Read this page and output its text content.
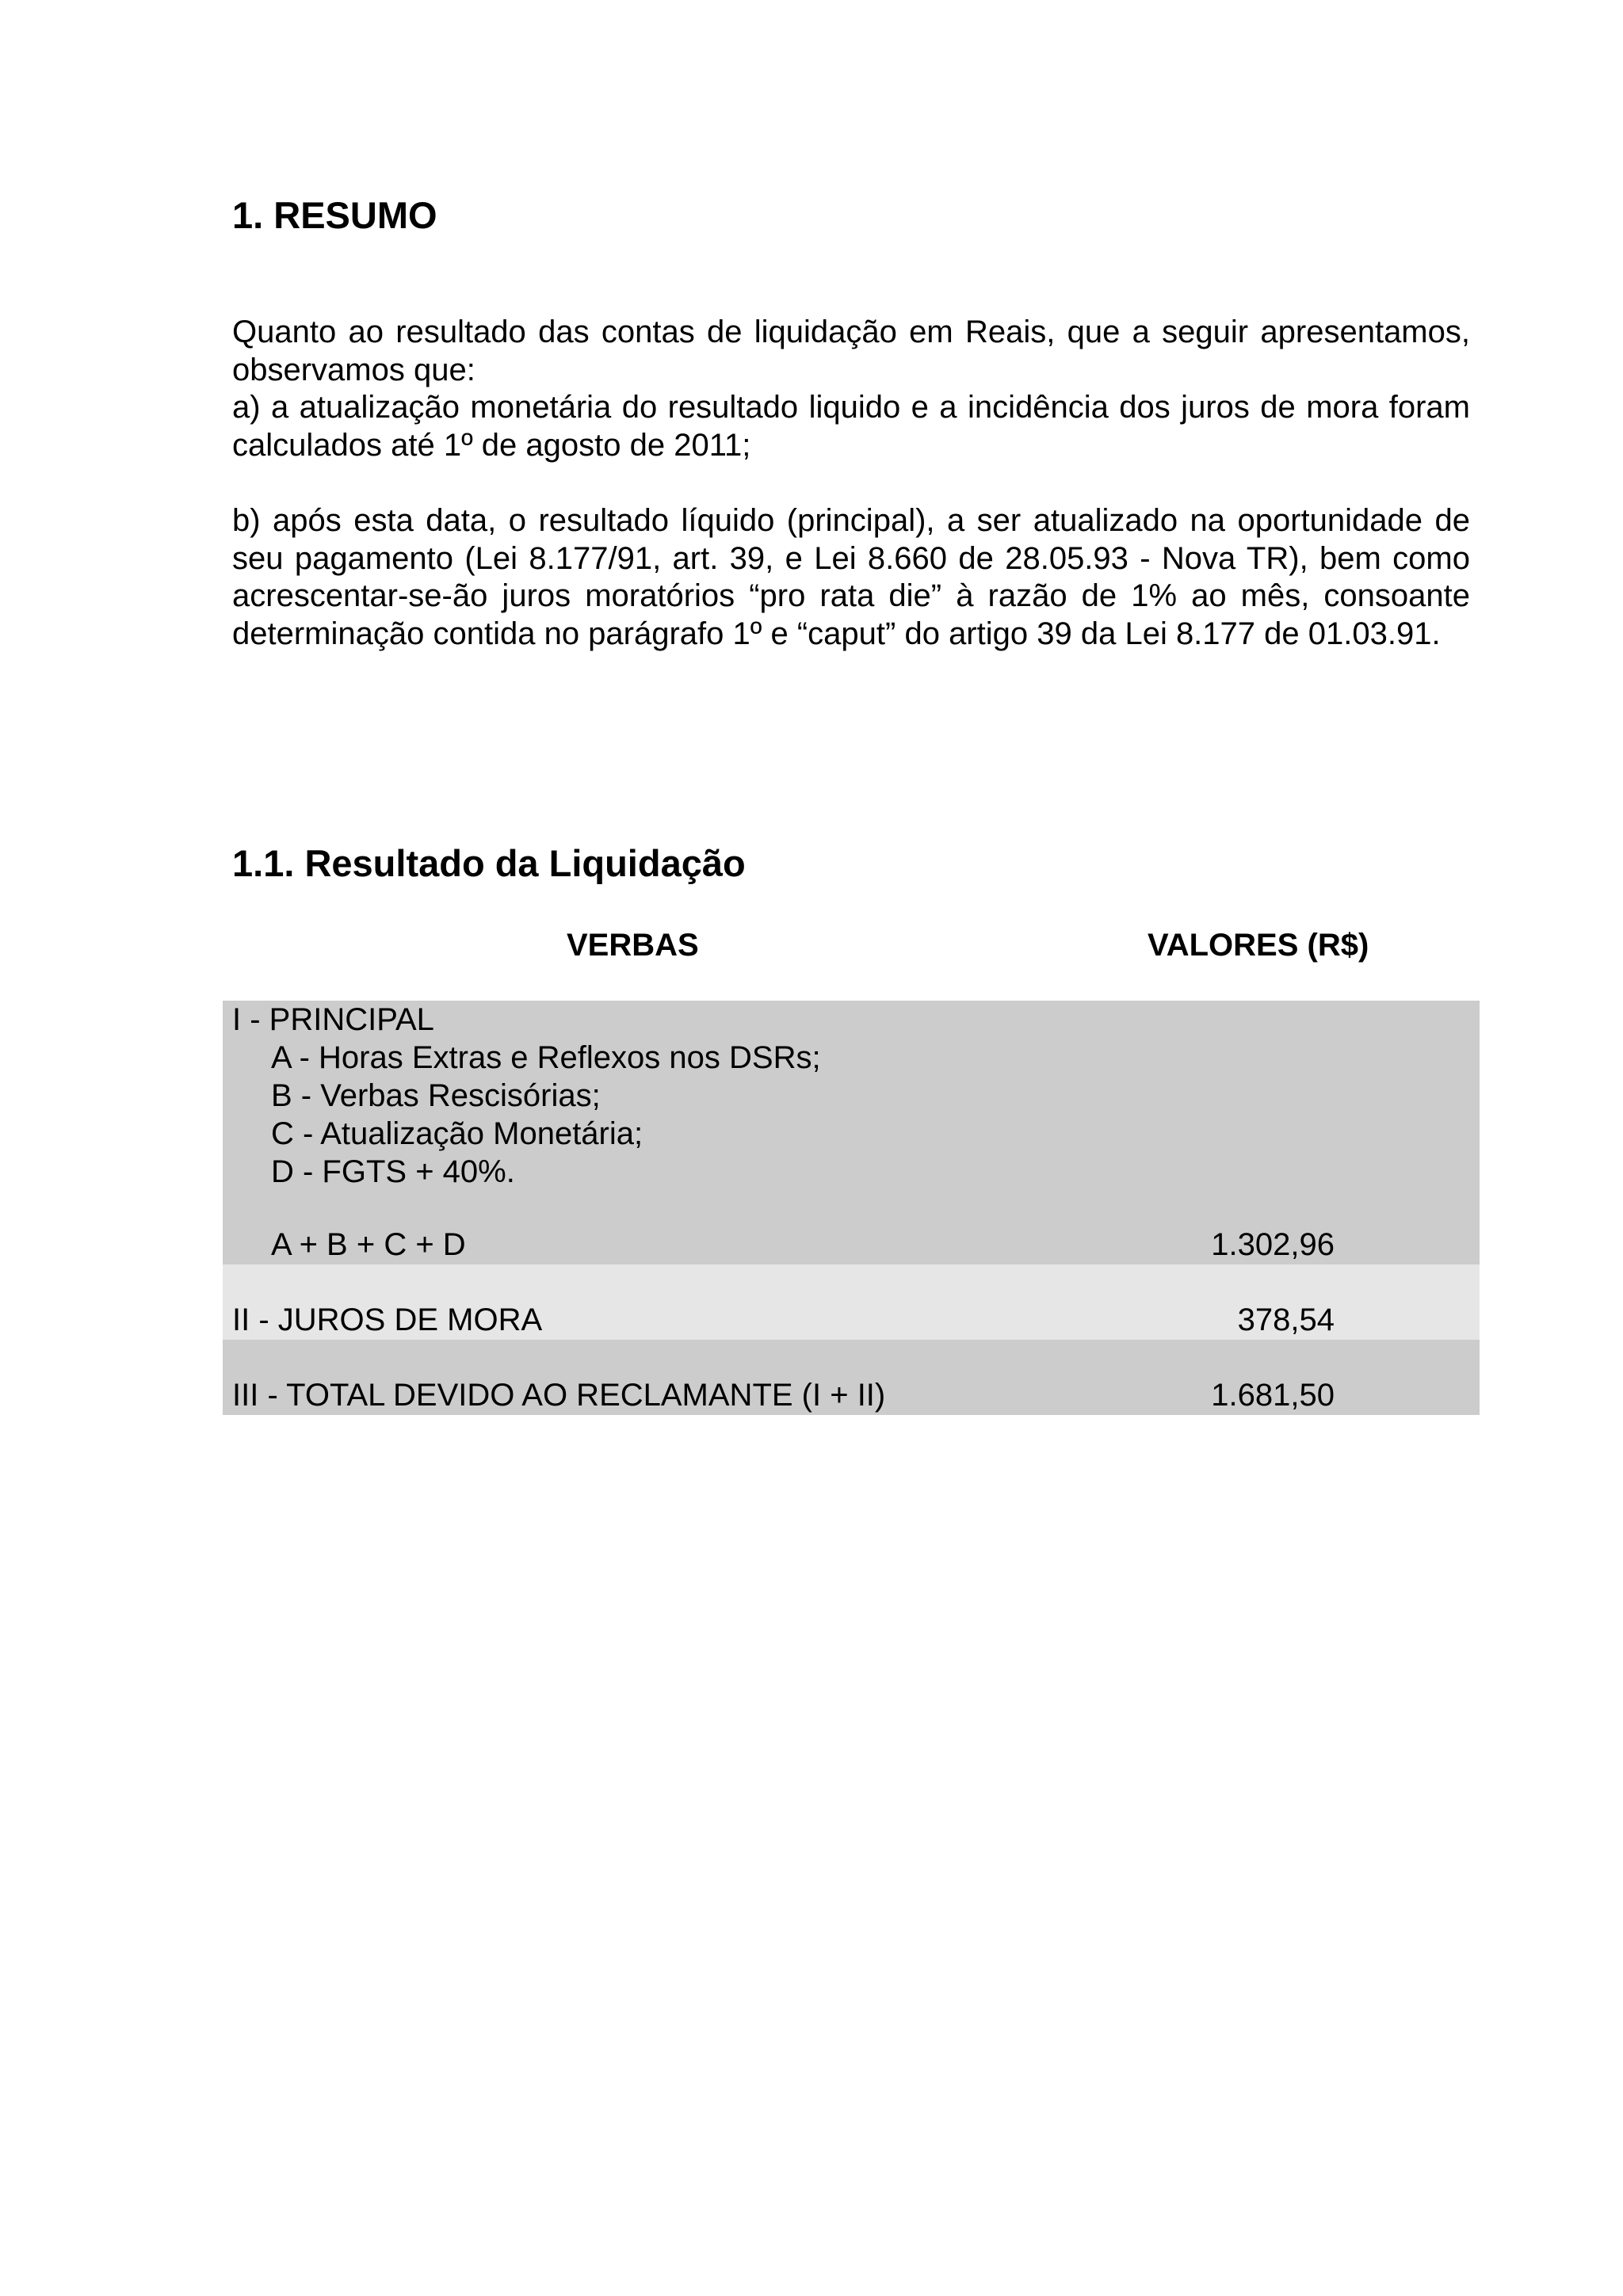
1. RESUMO
Quanto ao resultado das contas de liquidação em Reais, que a seguir apresentamos, observamos que:
a) a atualização monetária do resultado liquido e a incidência dos juros de mora foram calculados até 1º de agosto de 2011;
b) após esta data, o resultado líquido (principal), a ser atualizado na oportunidade de seu pagamento (Lei 8.177/91, art. 39, e Lei 8.660 de 28.05.93 - Nova TR), bem como acrescentar-se-ão juros moratórios “pro rata die” à razão de 1% ao mês, consoante determinação contida no parágrafo 1º e “caput” do artigo 39 da Lei 8.177 de 01.03.91.
1.1. Resultado da Liquidação
VERBAS	VALORES (R$)
I - PRINCIPAL
A - Horas Extras e Reflexos nos DSRs;
B - Verbas Rescisórias;
C - Atualização Monetária;
D - FGTS + 40%.
A + B + C + D	1.302,96
II - JUROS DE MORA	378,54
III - TOTAL DEVIDO AO RECLAMANTE (I + II)	1.681,50
